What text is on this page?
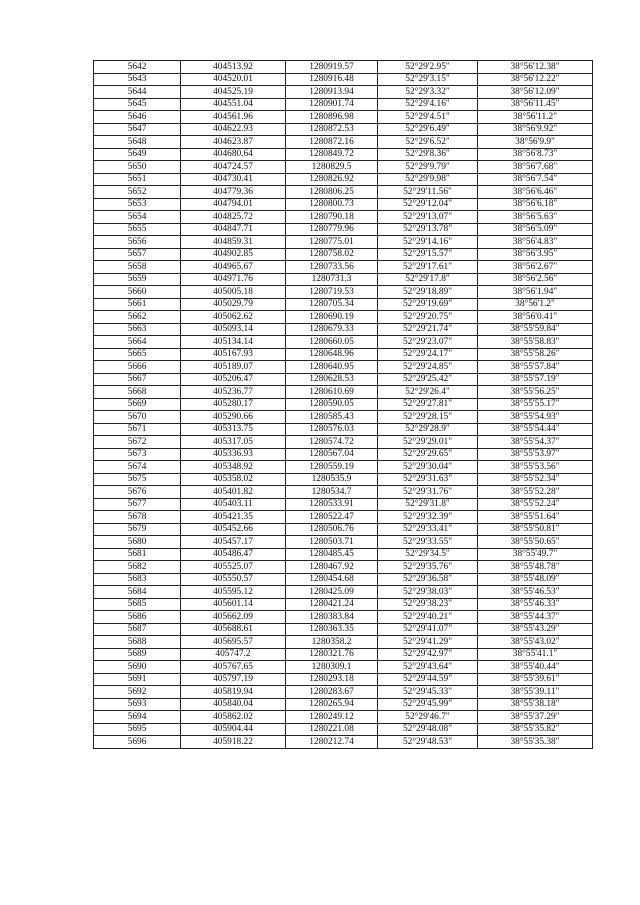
5642	404513.92	1280919.57	52°29'2.95"	38°56'12.38"
5643	404520.01	1280916.48	52°29'3.15"	38°56'12.22"
5644	404525.19	1280913.94	52°29'3.32"	38°56'12.09"
5645	404551.04	1280901.74	52°29'4.16"	38°56'11.45"
5646	404561.96	1280896.98	52°29'4.51"	38°56'11.2"
5647	404622.93	1280872.53	52°29'6.49"	38°56'9.92"
5648	404623.87	1280872.16	52°29'6.52"	38°56'9.9"
5649	404680.64	1280849.72	52°29'8.36"	38°56'8.73"
5650	404724.57	1280829.5	52°29'9.79"	38°56'7.68"
5651	404730.41	1280826.92	52°29'9.98"	38°56'7.54"
5652	404779.36	1280806.25	52°29'11.56"	38°56'6.46"
5653	404794.01	1280800.73	52°29'12.04"	38°56'6.18"
5654	404825.72	1280790.18	52°29'13.07"	38°56'5.63"
5655	404847.71	1280779.96	52°29'13.78"	38°56'5.09"
5656	404859.31	1280775.01	52°29'14.16"	38°56'4.83"
5657	404902.85	1280758.02	52°29'15.57"	38°56'3.95"
5658	404965.67	1280733.56	52°29'17.61"	38°56'2.67"
5659	404971.76	1280731.3	52°29'17.8"	38°56'2.56"
5660	405005.18	1280719.53	52°29'18.89"	38°56'1.94"
5661	405029.79	1280705.34	52°29'19.69"	38°56'1.2"
5662	405062.62	1280690.19	52°29'20.75"	38°56'0.41"
5663	405093.14	1280679.33	52°29'21.74"	38°55'59.84"
5664	405134.14	1280660.05	52°29'23.07"	38°55'58.83"
5665	405167.93	1280648.96	52°29'24.17"	38°55'58.26"
5666	405189.07	1280640.95	52°29'24.85"	38°55'57.84"
5667	405206.47	1280628.53	52°29'25.42"	38°55'57.19"
5668	405236.77	1280610.69	52°29'26.4"	38°55'56.25"
5669	405280.17	1280590.05	52°29'27.81"	38°55'55.17"
5670	405290.66	1280585.43	52°29'28.15"	38°55'54.93"
5671	405313.75	1280576.03	52°29'28.9"	38°55'54.44"
5672	405317.05	1280574.72	52°29'29.01"	38°55'54.37"
5673	405336.93	1280567.04	52°29'29.65"	38°55'53.97"
5674	405348.92	1280559.19	52°29'30.04"	38°55'53.56"
5675	405358.02	1280535.9	52°29'31.63"	38°55'52.34"
5676	405401.82	1280534.7	52°29'31.76"	38°55'52.28"
5677	405403.11	1280533.91	52°29'31.8"	38°55'52.24"
5678	405421.35	1280522.47	52°29'32.39"	38°55'51.64"
5679	405452.66	1280506.76	52°29'33.41"	38°55'50.81"
5680	405457.17	1280503.71	52°29'33.55"	38°55'50.65"
5681	405486.47	1280485.45	52°29'34.5"	38°55'49.7"
5682	405525.07	1280467.92	52°29'35.76"	38°55'48.78"
5683	405550.57	1280454.68	52°29'36.58"	38°55'48.09"
5684	405595.12	1280425.09	52°29'38.03"	38°55'46.53"
5685	405601.14	1280421.24	52°29'38.23"	38°55'46.33"
5686	405662.09	1280383.84	52°29'40.21"	38°55'44.37"
5687	405688.61	1280363.35	52°29'41.07"	38°55'43.29"
5688	405695.57	1280358.2	52°29'41.29"	38°55'43.02"
5689	405747.2	1280321.76	52°29'42.97"	38°55'41.1"
5690	405767.65	1280309.1	52°29'43.64"	38°55'40.44"
5691	405797.19	1280293.18	52°29'44.59"	38°55'39.61"
5692	405819.94	1280283.67	52°29'45.33"	38°55'39.11"
5693	405840.04	1280265.94	52°29'45.99"	38°55'38.18"
5694	405862.02	1280249.12	52°29'46.7"	38°55'37.29"
5695	405904.44	1280221.08	52°29'48.08"	38°55'35.82"
5696	405918.22	1280212.74	52°29'48.53"	38°55'35.38"
